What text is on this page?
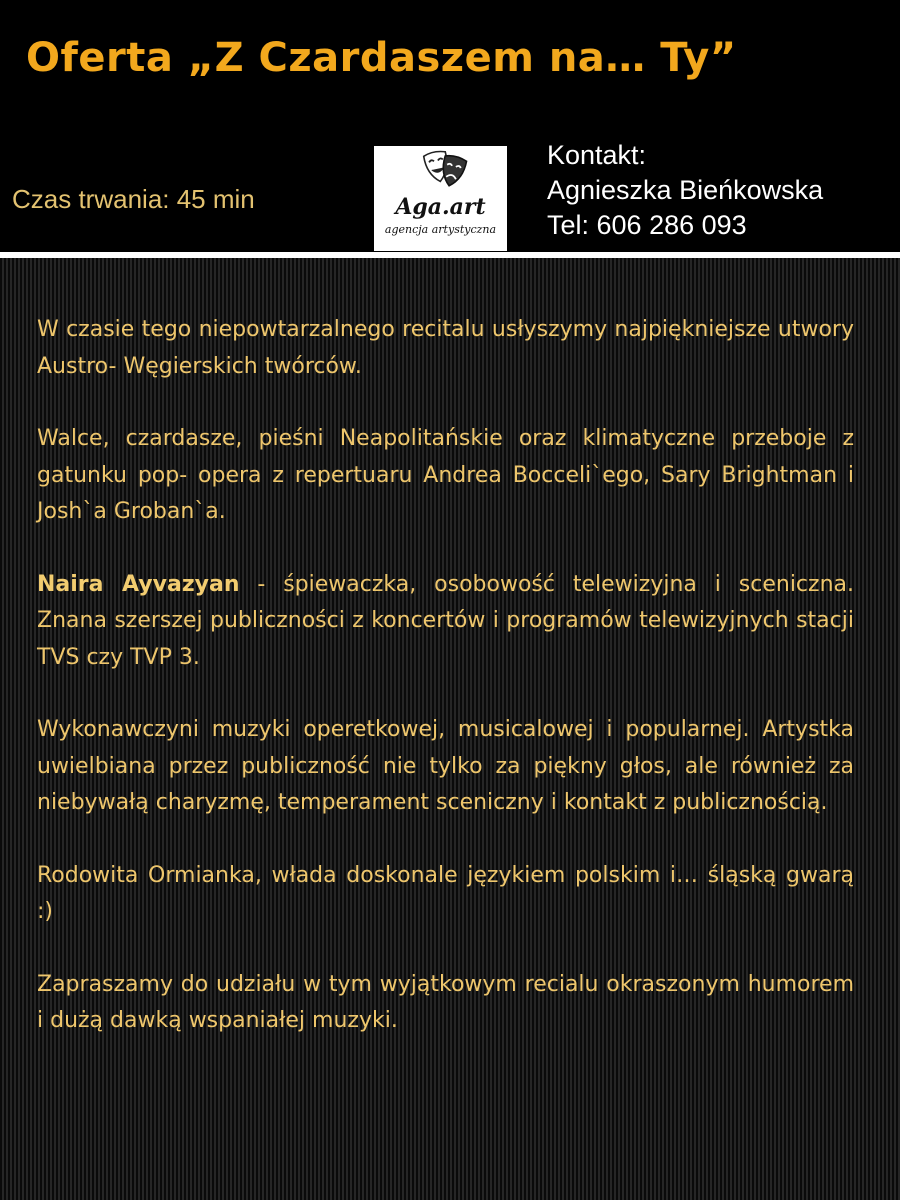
Oferta „Z Czardaszem na… Ty”
Czas trwania: 45 min	Aga.art
agencja artystyczna
Kontakt:
Agnieszka Bieńkowska
Tel: 606 286 093

W czasie tego niepowtarzalnego recitalu usłyszymy najpiękniejsze utwory Austro- Węgierskich twórców.

Walce, czardasze, pieśni Neapolitańskie oraz klimatyczne przeboje z gatunku pop- opera z repertuaru Andrea Bocceli`ego, Sary Brightman i Josh`a Groban`a.

Naira Ayvazyan - śpiewaczka, osobowość telewizyjna i sceniczna. Znana szerszej publiczności z koncertów i programów telewizyjnych stacji TVS czy TVP 3.

Wykonawczyni muzyki operetkowej, musicalowej i popularnej. Artystka uwielbiana przez publiczność nie tylko za piękny głos, ale również za niebywałą charyzmę, temperament sceniczny i kontakt z publicznością.

Rodowita Ormianka, włada doskonale językiem polskim i… śląską gwarą :)

Zapraszamy do udziału w tym wyjątkowym recialu okraszonym humorem i dużą dawką wspaniałej muzyki.
